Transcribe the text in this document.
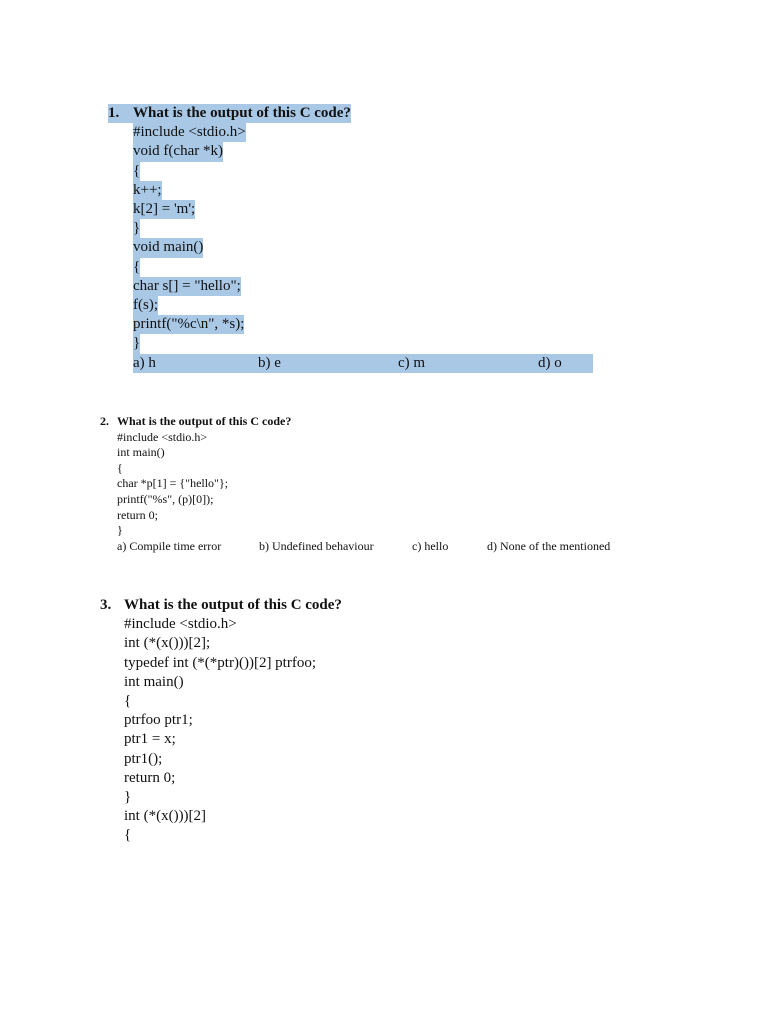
1. What is the output of this C code?
#include <stdio.h>
void f(char *k)
{
k++;
k[2] = 'm';
}
void main()
{
char s[] = "hello";
f(s);
printf("%c\n", *s);
}
a) h	b) e	c) m	d) o
2. What is the output of this C code?
#include <stdio.h>
int main()
{
char *p[1] = {"hello"};
printf("%s", (p)[0]);
return 0;
}
a) Compile time error	b) Undefined behaviour	c) hello	d) None of the mentioned
3. What is the output of this C code?
#include <stdio.h>
int (*(x()))[2];
typedef int (*(*ptr)())[2] ptrfoo;
int main()
{
ptrfoo ptr1;
ptr1 = x;
ptr1();
return 0;
}
int (*(x()))[2]
{
